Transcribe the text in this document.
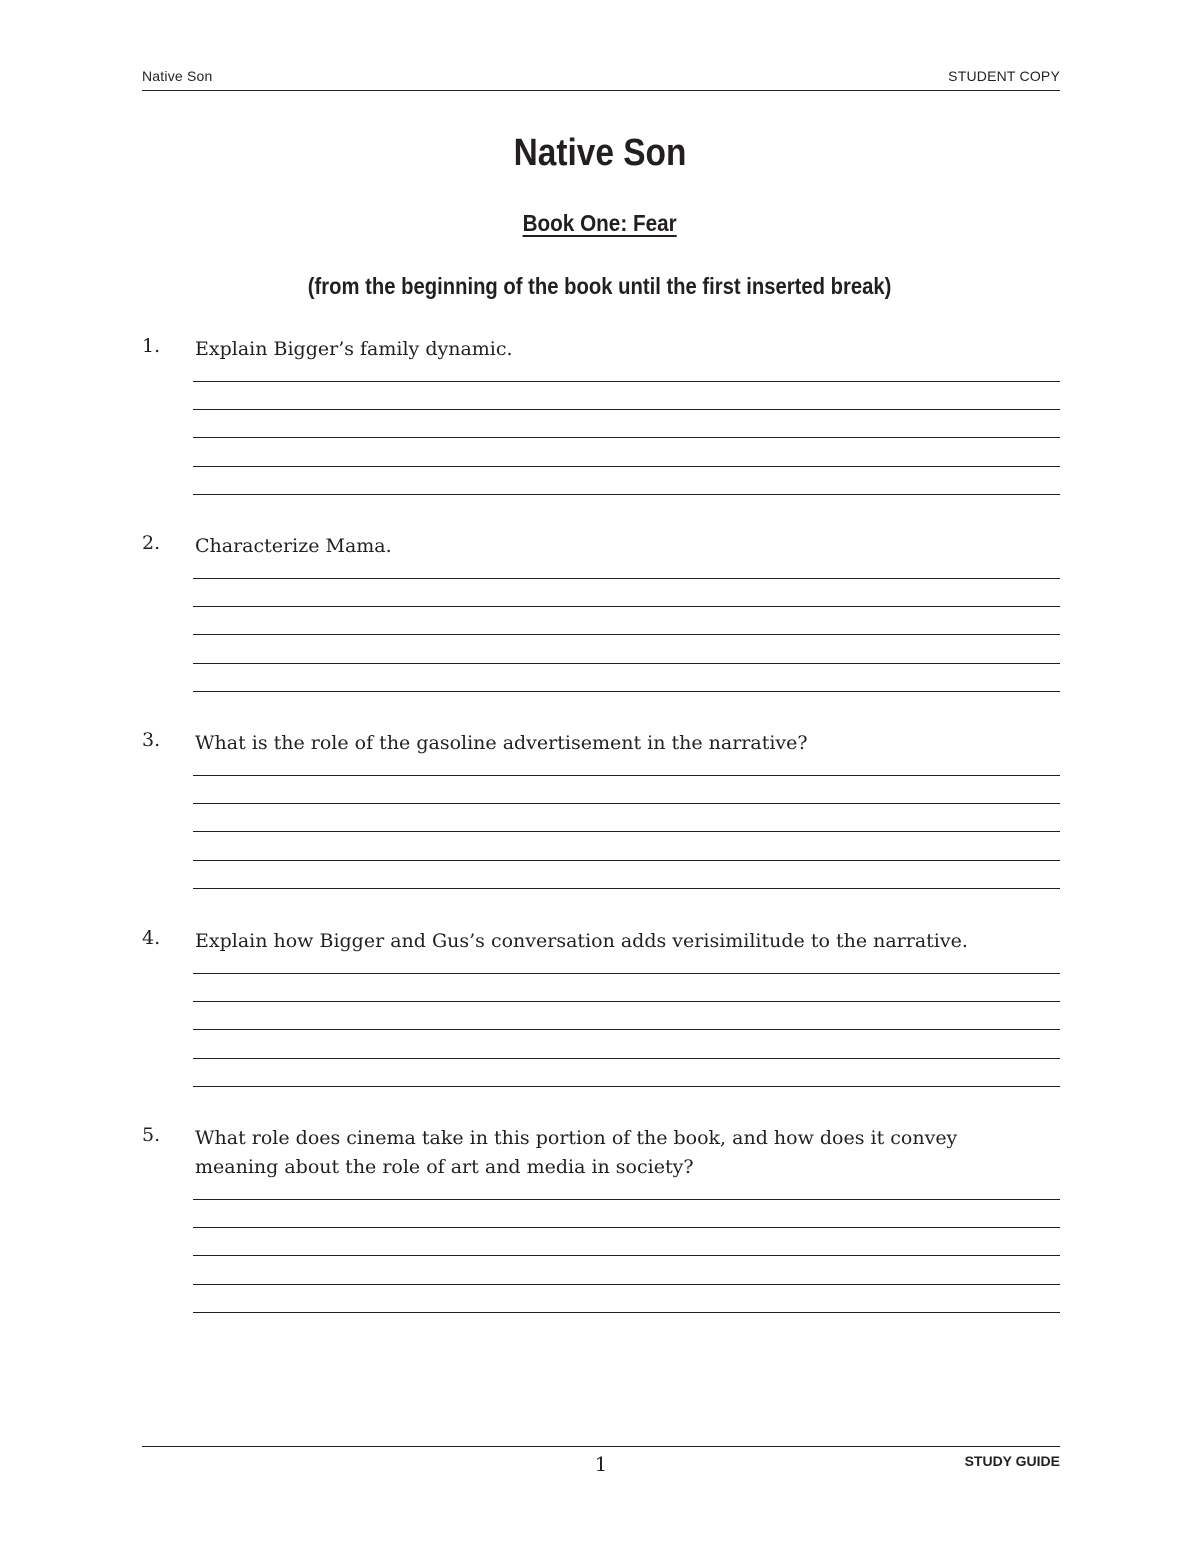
Native Son	STUDENT COPY
Native Son
Book One: Fear
(from the beginning of the book until the first inserted break)
1. Explain Bigger’s family dynamic.
2. Characterize Mama.
3. What is the role of the gasoline advertisement in the narrative?
4. Explain how Bigger and Gus’s conversation adds verisimilitude to the narrative.
5. What role does cinema take in this portion of the book, and how does it convey meaning about the role of art and media in society?
1	STUDY GUIDE
